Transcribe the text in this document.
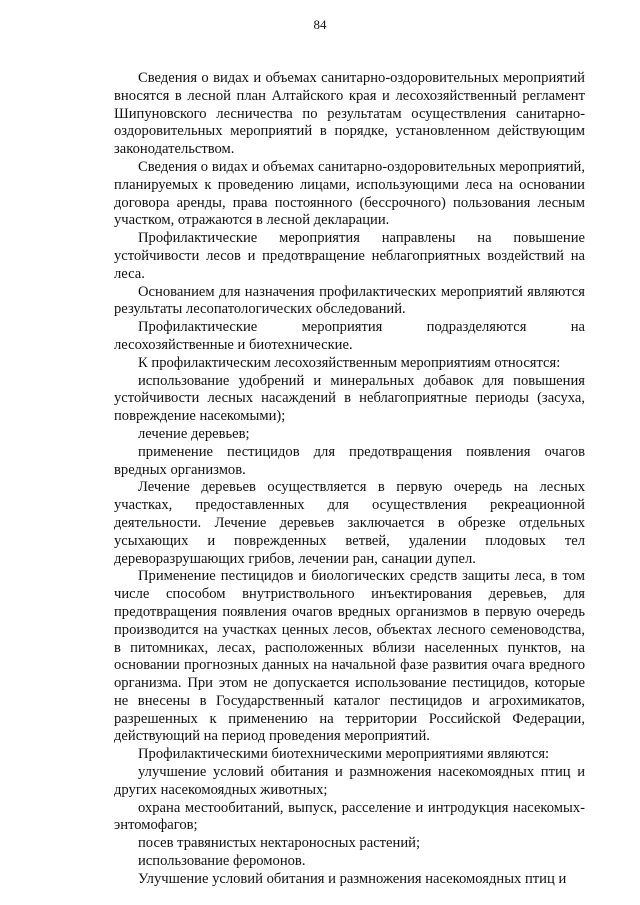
84

Сведения о видах и объемах санитарно-оздоровительных мероприятий вносятся в лесной план Алтайского края и лесохозяйственный регламент Шипуновского лесничества по результатам осуществления санитарно-оздоровительных мероприятий в порядке, установленном действующим законодательством.

Сведения о видах и объемах санитарно-оздоровительных мероприятий, планируемых к проведению лицами, использующими леса на основании договора аренды, права постоянного (бессрочного) пользования лесным участком, отражаются в лесной декларации.

Профилактические мероприятия направлены на повышение устойчивости лесов и предотвращение неблагоприятных воздействий на леса.

Основанием для назначения профилактических мероприятий являются результаты лесопатологических обследований.

Профилактические мероприятия подразделяются на лесохозяйственные и биотехнические.

К профилактическим лесохозяйственным мероприятиям относятся:

использование удобрений и минеральных добавок для повышения устойчивости лесных насаждений в неблагоприятные периоды (засуха, повреждение насекомыми);

лечение деревьев;

применение пестицидов для предотвращения появления очагов вредных организмов.

Лечение деревьев осуществляется в первую очередь на лесных участках, предоставленных для осуществления рекреационной деятельности. Лечение деревьев заключается в обрезке отдельных усыхающих и поврежденных ветвей, удалении плодовых тел дереворазрушающих грибов, лечении ран, санации дупел.

Применение пестицидов и биологических средств защиты леса, в том числе способом внутриствольного инъектирования деревьев, для предотвращения появления очагов вредных организмов в первую очередь производится на участках ценных лесов, объектах лесного семеноводства, в питомниках, лесах, расположенных вблизи населенных пунктов, на основании прогнозных данных на начальной фазе развития очага вредного организма. При этом не допускается использование пестицидов, которые не внесены в Государственный каталог пестицидов и агрохимикатов, разрешенных к применению на территории Российской Федерации, действующий на период проведения мероприятий.

Профилактическими биотехническими мероприятиями являются:

улучшение условий обитания и размножения насекомоядных птиц и других насекомоядных животных;

охрана местообитаний, выпуск, расселение и интродукция насекомых-энтомофагов;

посев травянистых нектароносных растений;

использование феромонов.

Улучшение условий обитания и размножения насекомоядных птиц и
